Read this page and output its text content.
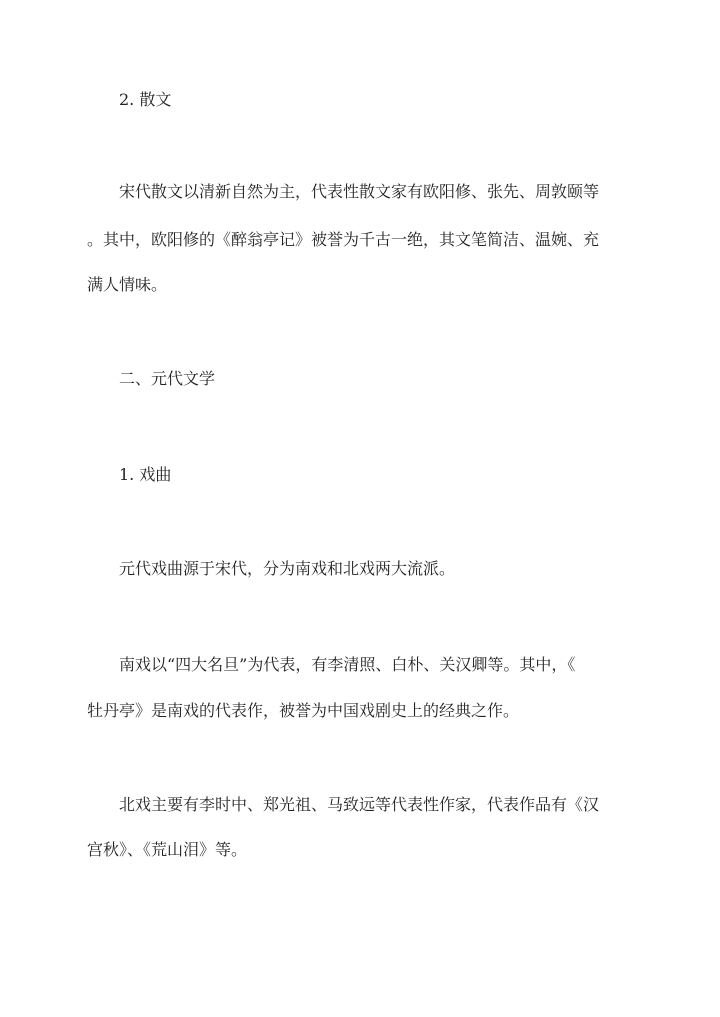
2. 散文
宋代散文以清新自然为主，代表性散文家有欧阳修、张先、周敦颐等
。其中，欧阳修的《醉翁亭记》被誉为千古一绝，其文笔简洁、温婉、充
满人情味。
二、元代文学
1. 戏曲
元代戏曲源于宋代，分为南戏和北戏两大流派。
南戏以“四大名旦”为代表，有李清照、白朴、关汉卿等。其中，《
牡丹亭》是南戏的代表作，被誉为中国戏剧史上的经典之作。
北戏主要有李时中、郑光祖、马致远等代表性作家，代表作品有《汉
宫秋》、《荒山泪》等。
